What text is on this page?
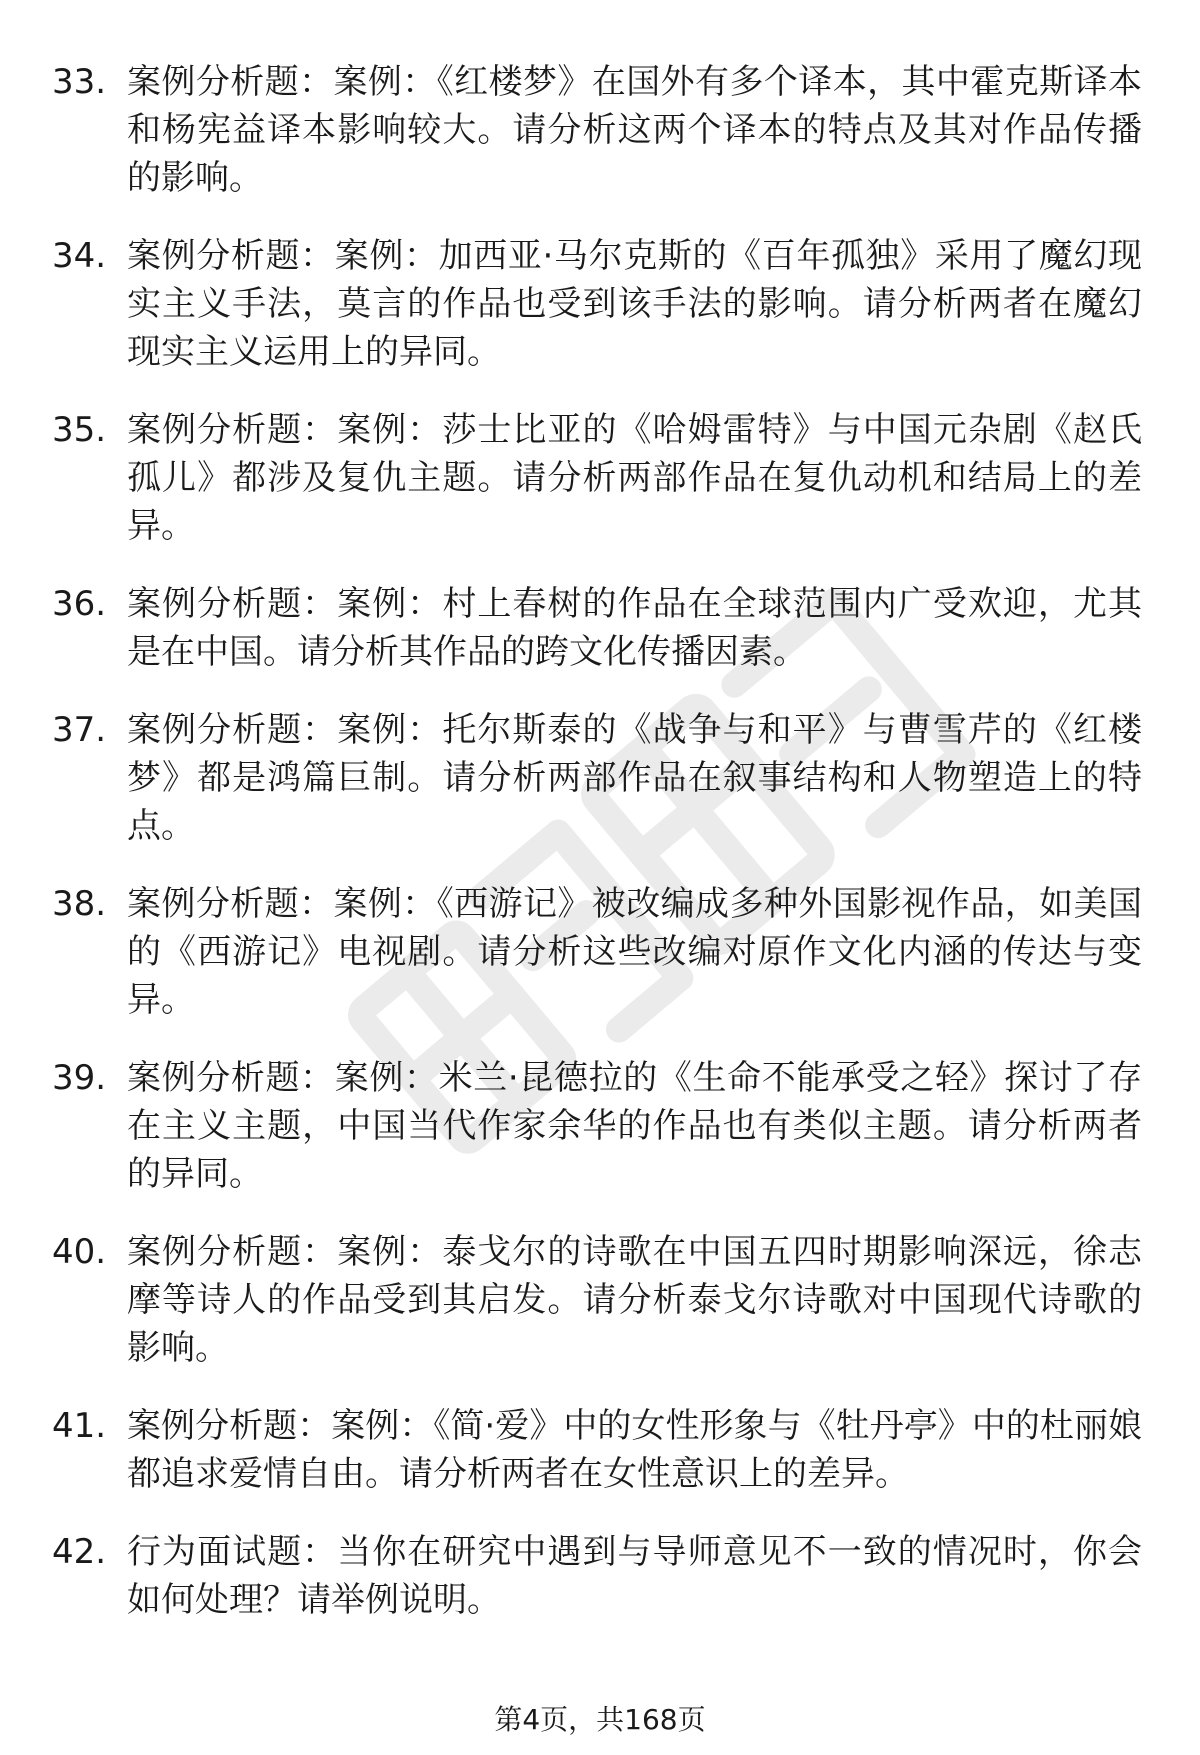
33. 案例分析题：案例：《红楼梦》在国外有多个译本，其中霍克斯译本和杨宪益译本影响较大。请分析这两个译本的特点及其对作品传播的影响。
34. 案例分析题：案例：加西亚·马尔克斯的《百年孤独》采用了魔幻现实主义手法，莫言的作品也受到该手法的影响。请分析两者在魔幻现实主义运用上的异同。
35. 案例分析题：案例：莎士比亚的《哈姆雷特》与中国元杂剧《赵氏孤儿》都涉及复仇主题。请分析两部作品在复仇动机和结局上的差异。
36. 案例分析题：案例：村上春树的作品在全球范围内广受欢迎，尤其是在中国。请分析其作品的跨文化传播因素。
37. 案例分析题：案例：托尔斯泰的《战争与和平》与曹雪芹的《红楼梦》都是鸿篇巨制。请分析两部作品在叙事结构和人物塑造上的特点。
38. 案例分析题：案例：《西游记》被改编成多种外国影视作品，如美国的《西游记》电视剧。请分析这些改编对原作文化内涵的传达与变异。
39. 案例分析题：案例：米兰·昆德拉的《生命不能承受之轻》探讨了存在主义主题，中国当代作家余华的作品也有类似主题。请分析两者的异同。
40. 案例分析题：案例：泰戈尔的诗歌在中国五四时期影响深远，徐志摩等诗人的作品受到其启发。请分析泰戈尔诗歌对中国现代诗歌的影响。
41. 案例分析题：案例：《简·爱》中的女性形象与《牡丹亭》中的杜丽娘都追求爱情自由。请分析两者在女性意识上的差异。
42. 行为面试题：当你在研究中遇到与导师意见不一致的情况时，你会如何处理？请举例说明。
第4页，共168页
